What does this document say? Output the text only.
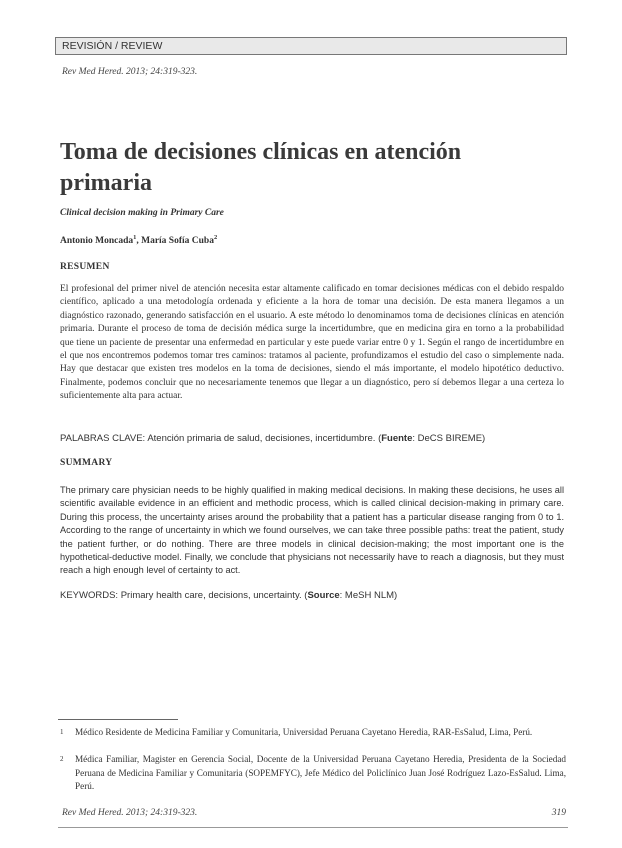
REVISIÓN / REVIEW
Rev Med Hered. 2013; 24:319-323.
Toma de decisiones clínicas en atención primaria
Clinical decision making in Primary Care
Antonio Moncada$^1$, María Sofía Cuba$^2$
RESUMEN

El profesional del primer nivel de atención necesita estar altamente calificado en tomar decisiones médicas con el debido respaldo científico, aplicado a una metodología ordenada y eficiente a la hora de tomar una decisión. De esta manera llegamos a un diagnóstico razonado, generando satisfacción en el usuario. A este método lo denominamos toma de decisiones clínicas en atención primaria. Durante el proceso de toma de decisión médica surge la incertidumbre, que en medicina gira en torno a la probabilidad que tiene un paciente de presentar una enfermedad en particular y este puede variar entre 0 y 1. Según el rango de incertidumbre en el que nos encontremos podemos tomar tres caminos: tratamos al paciente, profundizamos el estudio del caso o simplemente nada. Hay que destacar que existen tres modelos en la toma de decisiones, siendo el más importante, el modelo hipotético deductivo. Finalmente, podemos concluir que no necesariamente tenemos que llegar a un diagnóstico, pero sí debemos llegar a una certeza lo suficientemente alta para actuar.

PALABRAS CLAVE: Atención primaria de salud, decisiones, incertidumbre. (Fuente: DeCS BIREME)
SUMMARY

The primary care physician needs to be highly qualified in making medical decisions. In making these decisions, he uses all scientific available evidence in an efficient and methodic process, which is called clinical decision-making in primary care. During this process, the uncertainty arises around the probability that a patient has a particular disease ranging from 0 to 1. According to the range of uncertainty in which we found ourselves, we can take three possible paths: treat the patient, study the patient further, or do nothing. There are three models in clinical decision-making; the most important one is the hypothetical-deductive model. Finally, we conclude that physicians not necessarily have to reach a diagnosis, but they must reach a high enough level of certainty to act.

KEYWORDS: Primary health care, decisions, uncertainty. (Source: MeSH NLM)
1 Médico Residente de Medicina Familiar y Comunitaria, Universidad Peruana Cayetano Heredia, RAR-EsSalud, Lima, Perú.
2 Médica Familiar, Magister en Gerencia Social, Docente de la Universidad Peruana Cayetano Heredia, Presidenta de la Sociedad Peruana de Medicina Familiar y Comunitaria (SOPEMFYC), Jefe Médico del Policlínico Juan José Rodríguez Lazo-EsSalud. Lima, Perú.
Rev Med Hered. 2013; 24:319-323.	319
